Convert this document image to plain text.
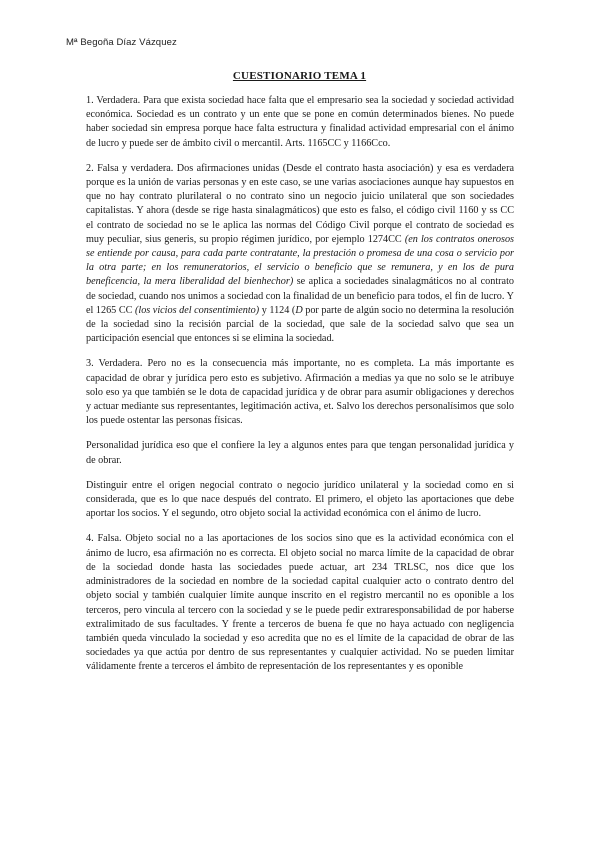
Mª Begoña Díaz Vázquez
CUESTIONARIO TEMA 1

1. Verdadera. Para que exista sociedad hace falta que el empresario sea la sociedad y sociedad actividad económica. Sociedad es un contrato y un ente que se pone en común determinados bienes. No puede haber sociedad sin empresa porque hace falta estructura y finalidad actividad empresarial con el ánimo de lucro y puede ser de ámbito civil o mercantil. Arts. 1165CC y 1166Cco.

2. Falsa y verdadera. Dos afirmaciones unidas (Desde el contrato hasta asociación) y esa es verdadera porque es la unión de varias personas y en este caso, se une varias asociaciones aunque hay supuestos en que no hay contrato plurilateral o no contrato sino un negocio juicio unilateral que son sociedades capitalistas. Y ahora (desde se rige hasta sinalagmáticos) que esto es falso, el código civil 1160 y ss CC el contrato de sociedad no se le aplica las normas del Código Civil porque el contrato de sociedad es muy peculiar, sius generis, su propio régimen jurídico, por ejemplo 1274CC (en los contratos onerosos se entiende por causa, para cada parte contratante, la prestación o promesa de una cosa o servicio por la otra parte; en los remuneratorios, el servicio o beneficio que se remunera, y en los de pura beneficencia, la mera liberalidad del bienhechor) se aplica a sociedades sinalagmáticos no al contrato de sociedad, cuando nos unimos a sociedad con la finalidad de un beneficio para todos, el fin de lucro. Y el 1265 CC (los vicios del consentimiento) y 1124 (D por parte de algún socio no determina la resolución de la sociedad sino la recisión parcial de la sociedad, que sale de la sociedad salvo que sea un participación esencial que entonces si se elimina la sociedad.

3. Verdadera. Pero no es la consecuencia más importante, no es completa. La más importante es capacidad de obrar y jurídica pero esto es subjetivo. Afirmación a medias ya que no solo se le atribuye solo eso ya que también se le dota de capacidad jurídica y de obrar para asumir obligaciones y derechos y actuar mediante sus representantes, legitimación activa, et. Salvo los derechos personalísimos que solo los puede ostentar las personas físicas.

Personalidad jurídica eso que el confiere la ley a algunos entes para que tengan personalidad jurídica y de obrar.

Distinguir entre el origen negocial contrato o negocio jurídico unilateral y la sociedad como en si considerada, que es lo que nace después del contrato. El primero, el objeto las aportaciones que debe aportar los socios. Y el segundo, otro objeto social la actividad económica con el ánimo de lucro.

4. Falsa. Objeto social no a las aportaciones de los socios sino que es la actividad económica con el ánimo de lucro, esa afirmación no es correcta. El objeto social no marca límite de la capacidad de obrar de la sociedad donde hasta las sociedades puede actuar, art 234 TRLSC, nos dice que los administradores de la sociedad en nombre de la sociedad capital cualquier acto o contrato dentro del objeto social y también cualquier límite aunque inscrito en el registro mercantil no es oponible a los terceros, pero vincula al tercero con la sociedad y se le puede pedir extraresponsabilidad de por haberse extralimitado de sus facultades. Y frente a terceros de buena fe que no haya actuado con negligencia también queda vinculado la sociedad y eso acredita que no es el límite de la capacidad de obrar de las sociedades ya que actúa por dentro de sus representantes y cualquier actividad. No se pueden limitar válidamente frente a terceros el ámbito de representación de los representantes y es oponible
